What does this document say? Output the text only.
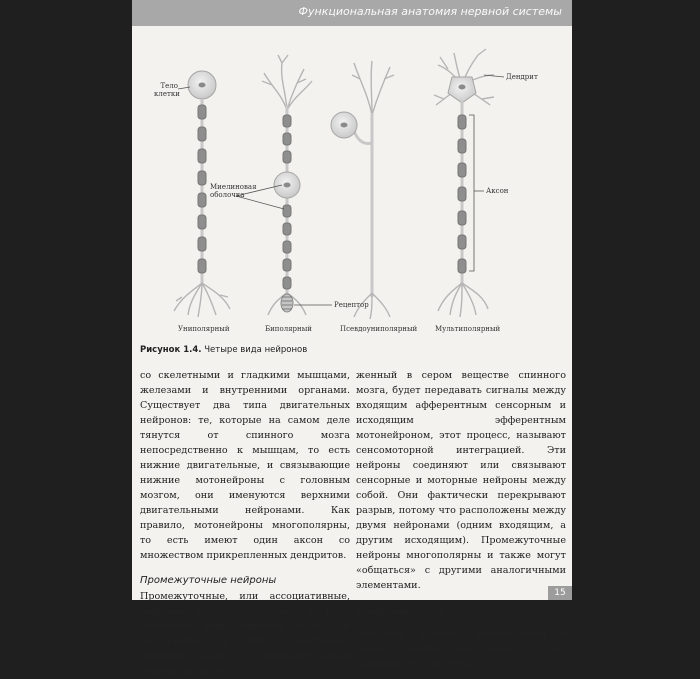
Функциональная анатомия нервной системы
Тело
клетки
Миелиновая
оболочка
Рецептор
Дендрит
Аксон
Униполярный	Биполярный	Псевдоуниполярный	Мультиполярный
Рисунок 1.4. Четыре вида нейронов

со скелетными и гладкими мышцами, железами и внутренними органами. Существует два типа двигательных нейронов: те, которые на самом деле тянутся от спинного мозга непосредственно к мышцам, то есть нижние двигательные, и связывающие нижние мотонейроны с головным мозгом, они именуются верхними двигательными нейронами. Как правило, мотонейроны многополярны, то есть имеют один аксон со множеством прикрепленных дендритов.

Промежуточные нейроны

Промежуточные, или ассоциативные, нейроны находятся только в ЦНС (головном или спинном мозге) и отсутствуют в ПНС. Например, спинномозговой промежуточный нейрон, располо-

женный в сером веществе спинного мозга, будет передавать сигналы между входящим афферентным сенсорным и исходящим эфферентным мотонейроном, этот процесс, называют сенсомоторной интеграцией. Эти нейроны соединяют или связывают сенсорные и моторные нейроны между собой. Они фактически перекрывают разрыв, потому что расположены между двумя нейронами (одним входящим, а другим исходящим). Промежуточные нейроны многополярны и также могут «общаться» с другими аналогичными элементами.

Нейроны мозга

Нейроны, которые расположены в мозге, действительно очень трудно отличить друг от друга

15
